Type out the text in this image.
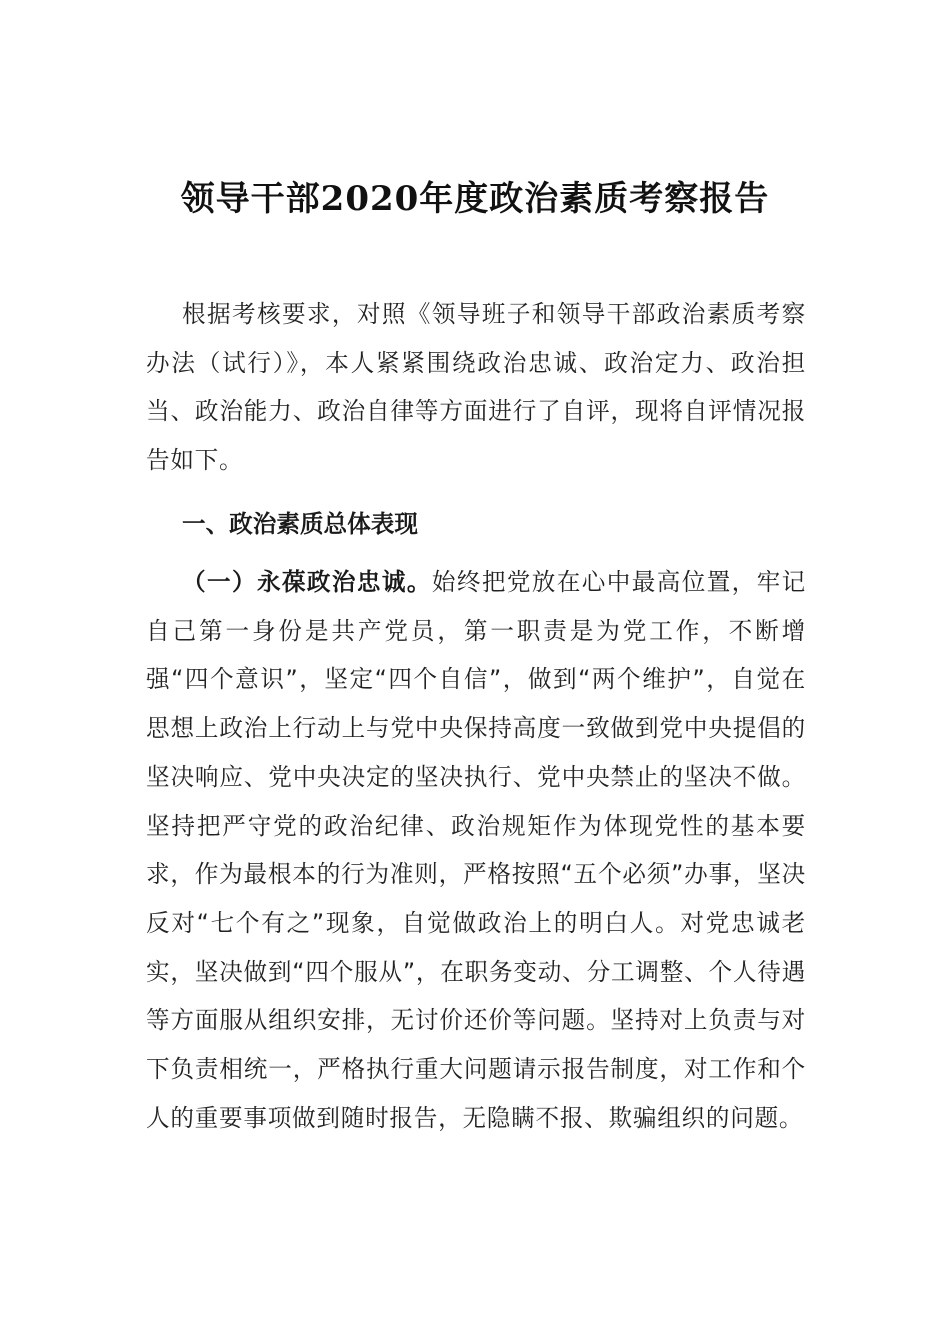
领导干部2020年度政治素质考察报告

根据考核要求，对照《领导班子和领导干部政治素质考察办法（试行）》，本人紧紧围绕政治忠诚、政治定力、政治担当、政治能力、政治自律等方面进行了自评，现将自评情况报告如下。

一、政治素质总体表现

（一）永葆政治忠诚。始终把党放在心中最高位置，牢记自己第一身份是共产党员，第一职责是为党工作，不断增强“四个意识”，坚定“四个自信”，做到“两个维护”，自觉在思想上政治上行动上与党中央保持高度一致做到党中央提倡的坚决响应、党中央决定的坚决执行、党中央禁止的坚决不做。坚持把严守党的政治纪律、政治规矩作为体现党性的基本要求，作为最根本的行为准则，严格按照“五个必须”办事，坚决反对“七个有之”现象，自觉做政治上的明白人。对党忠诚老实，坚决做到“四个服从”，在职务变动、分工调整、个人待遇等方面服从组织安排，无讨价还价等问题。坚持对上负责与对下负责相统一，严格执行重大问题请示报告制度，对工作和个人的重要事项做到随时报告，无隐瞒不报、欺骗组织的问题。
